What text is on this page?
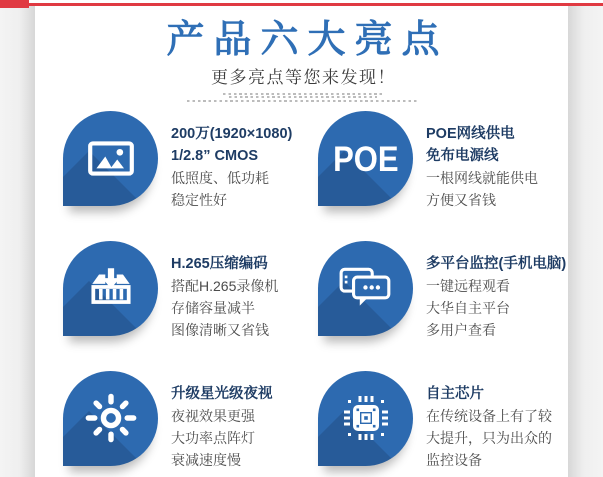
产品六大亮点
更多亮点等您来发现！
200万(1920×1080)
1/2.8” CMOS
低照度、低功耗
稳定性好
POE
POE网线供电
免布电源线
一根网线就能供电
方便又省钱
H.265压缩编码
搭配H.265录像机
存储容量减半
图像清晰又省钱
多平台监控(手机电脑)
一键远程观看
大华自主平台
多用户查看
升级星光级夜视
夜视效果更强
大功率点阵灯
衰减速度慢
自主芯片
在传统设备上有了较
大提升，只为出众的
监控设备
